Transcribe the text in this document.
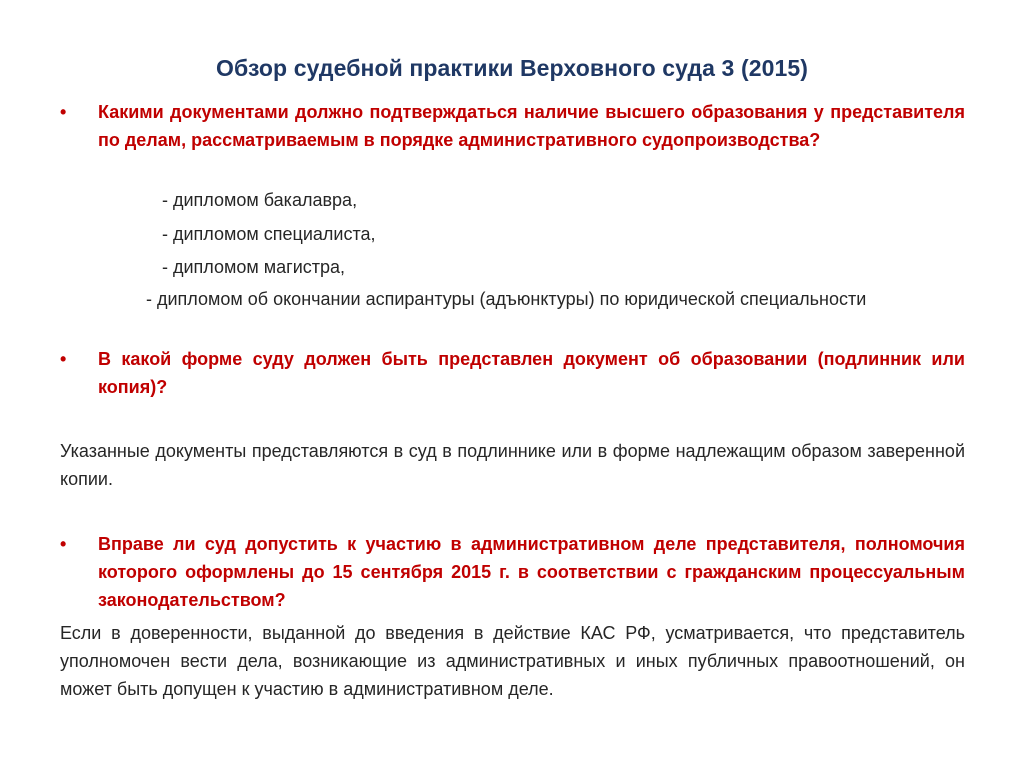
Обзор судебной практики Верховного суда 3 (2015)
• Какими документами должно подтверждаться наличие высшего образования у представителя по делам, рассматриваемым в порядке административного судопроизводства?
- дипломом бакалавра,
- дипломом специалиста,
- дипломом магистра,
- дипломом об окончании аспирантуры (адъюнктуры) по юридической специальности
• В какой форме суду должен быть представлен документ об образовании (подлинник или копия)?
Указанные документы представляются в суд в подлиннике или в форме надлежащим образом заверенной копии.
• Вправе ли суд допустить к участию в административном деле представителя, полномочия которого оформлены до 15 сентября 2015 г. в соответствии с гражданским процессуальным законодательством?
Если в доверенности, выданной до введения в действие КАС РФ, усматривается, что представитель уполномочен вести дела, возникающие из административных и иных публичных правоотношений, он может быть допущен к участию в административном деле.
